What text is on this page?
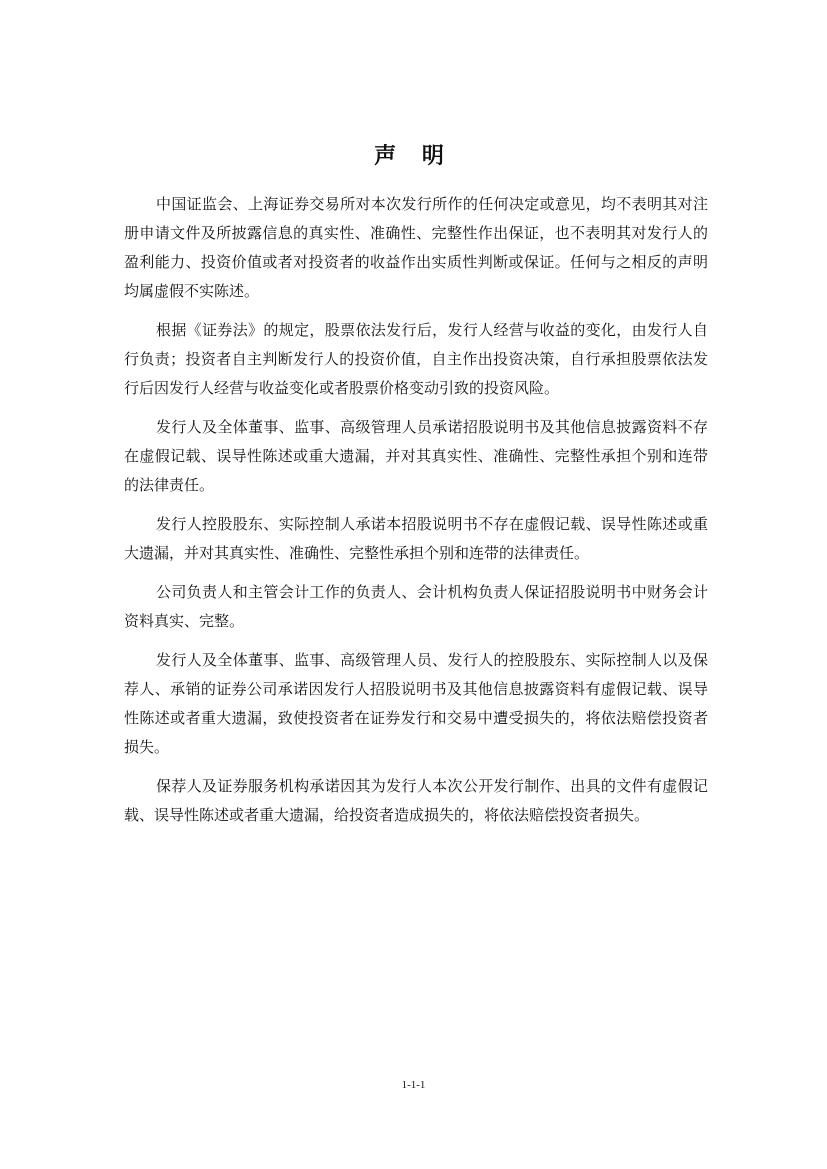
声 明

中国证监会、上海证券交易所对本次发行所作的任何决定或意见，均不表明其对注册申请文件及所披露信息的真实性、准确性、完整性作出保证，也不表明其对发行人的盈利能力、投资价值或者对投资者的收益作出实质性判断或保证。任何与之相反的声明均属虚假不实陈述。

根据《证券法》的规定，股票依法发行后，发行人经营与收益的变化，由发行人自行负责；投资者自主判断发行人的投资价值，自主作出投资决策，自行承担股票依法发行后因发行人经营与收益变化或者股票价格变动引致的投资风险。

发行人及全体董事、监事、高级管理人员承诺招股说明书及其他信息披露资料不存在虚假记载、误导性陈述或重大遗漏，并对其真实性、准确性、完整性承担个别和连带的法律责任。

发行人控股股东、实际控制人承诺本招股说明书不存在虚假记载、误导性陈述或重大遗漏，并对其真实性、准确性、完整性承担个别和连带的法律责任。

公司负责人和主管会计工作的负责人、会计机构负责人保证招股说明书中财务会计资料真实、完整。

发行人及全体董事、监事、高级管理人员、发行人的控股股东、实际控制人以及保荐人、承销的证券公司承诺因发行人招股说明书及其他信息披露资料有虚假记载、误导性陈述或者重大遗漏，致使投资者在证券发行和交易中遭受损失的，将依法赔偿投资者损失。

保荐人及证券服务机构承诺因其为发行人本次公开发行制作、出具的文件有虚假记载、误导性陈述或者重大遗漏，给投资者造成损失的，将依法赔偿投资者损失。

1-1-1
